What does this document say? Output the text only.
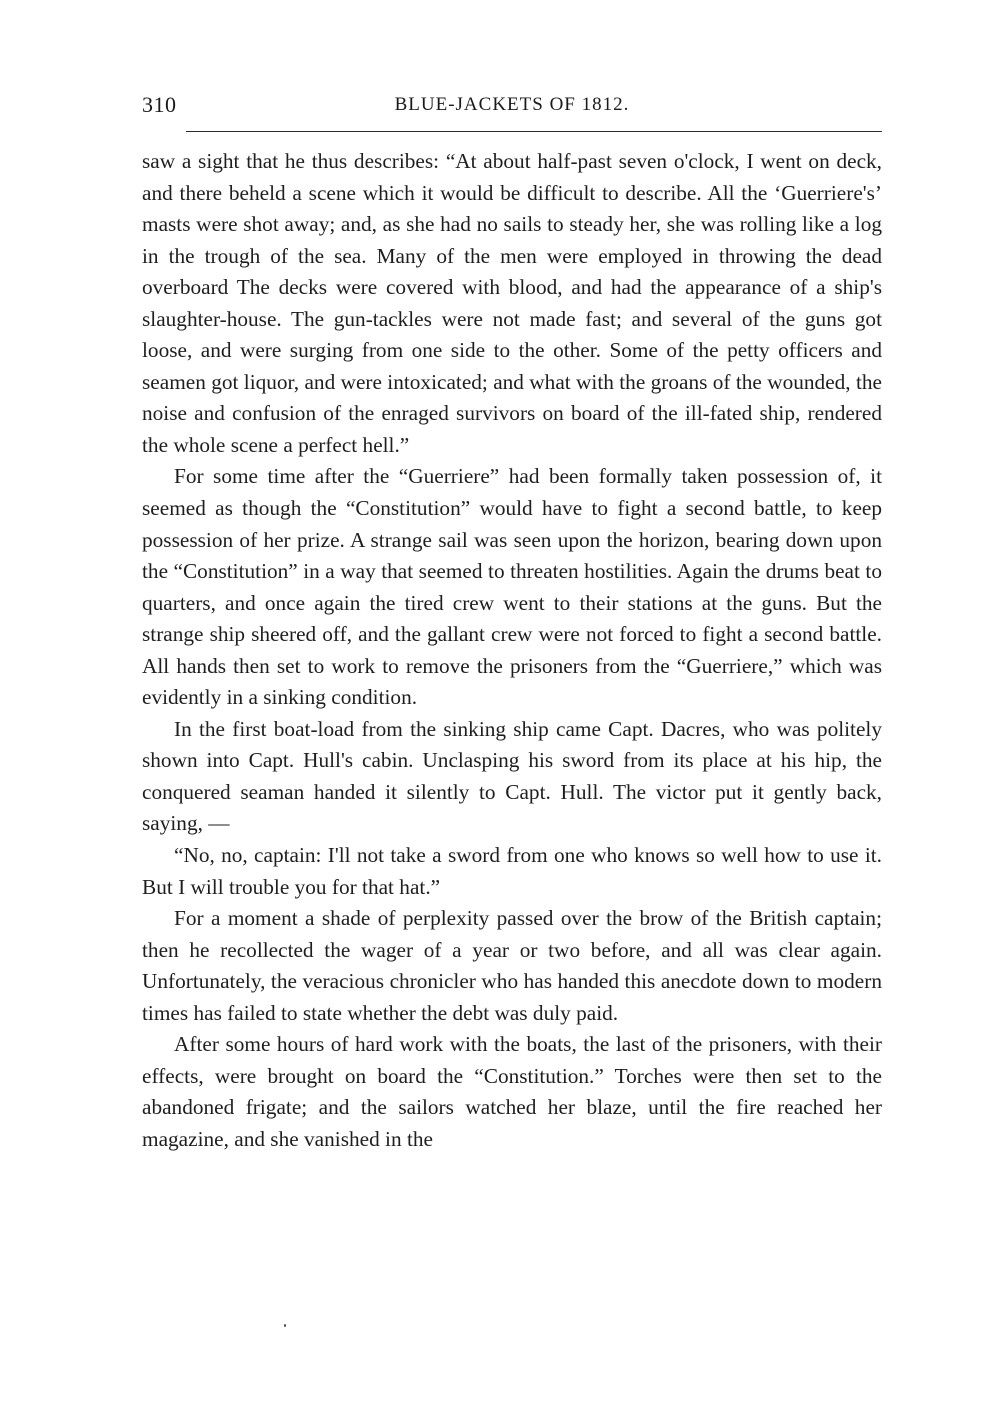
310	BLUE-JACKETS OF 1812.

saw a sight that he thus describes: “At about half-past seven o'clock, I went on deck, and there beheld a scene which it would be difficult to describe. All the ‘Guerriere's’ masts were shot away; and, as she had no sails to steady her, she was rolling like a log in the trough of the sea. Many of the men were employed in throwing the dead overboard The decks were covered with blood, and had the appearance of a ship's slaughter-house. The gun-tackles were not made fast; and several of the guns got loose, and were surging from one side to the other. Some of the petty officers and seamen got liquor, and were intoxicated; and what with the groans of the wounded, the noise and confusion of the enraged survivors on board of the ill-fated ship, rendered the whole scene a perfect hell.”

For some time after the “Guerriere” had been formally taken possession of, it seemed as though the “Constitution” would have to fight a second battle, to keep possession of her prize. A strange sail was seen upon the horizon, bearing down upon the “Constitution” in a way that seemed to threaten hostilities. Again the drums beat to quarters, and once again the tired crew went to their stations at the guns. But the strange ship sheered off, and the gallant crew were not forced to fight a second battle. All hands then set to work to remove the prisoners from the “Guerriere,” which was evidently in a sinking condition.

In the first boat-load from the sinking ship came Capt. Dacres, who was politely shown into Capt. Hull's cabin. Unclasping his sword from its place at his hip, the conquered seaman handed it silently to Capt. Hull. The victor put it gently back, saying, —

“No, no, captain: I'll not take a sword from one who knows so well how to use it. But I will trouble you for that hat.”

For a moment a shade of perplexity passed over the brow of the British captain; then he recollected the wager of a year or two before, and all was clear again. Unfortunately, the veracious chronicler who has handed this anecdote down to modern times has failed to state whether the debt was duly paid.

After some hours of hard work with the boats, the last of the prisoners, with their effects, were brought on board the “Constitution.” Torches were then set to the abandoned frigate; and the sailors watched her blaze, until the fire reached her magazine, and she vanished in the
